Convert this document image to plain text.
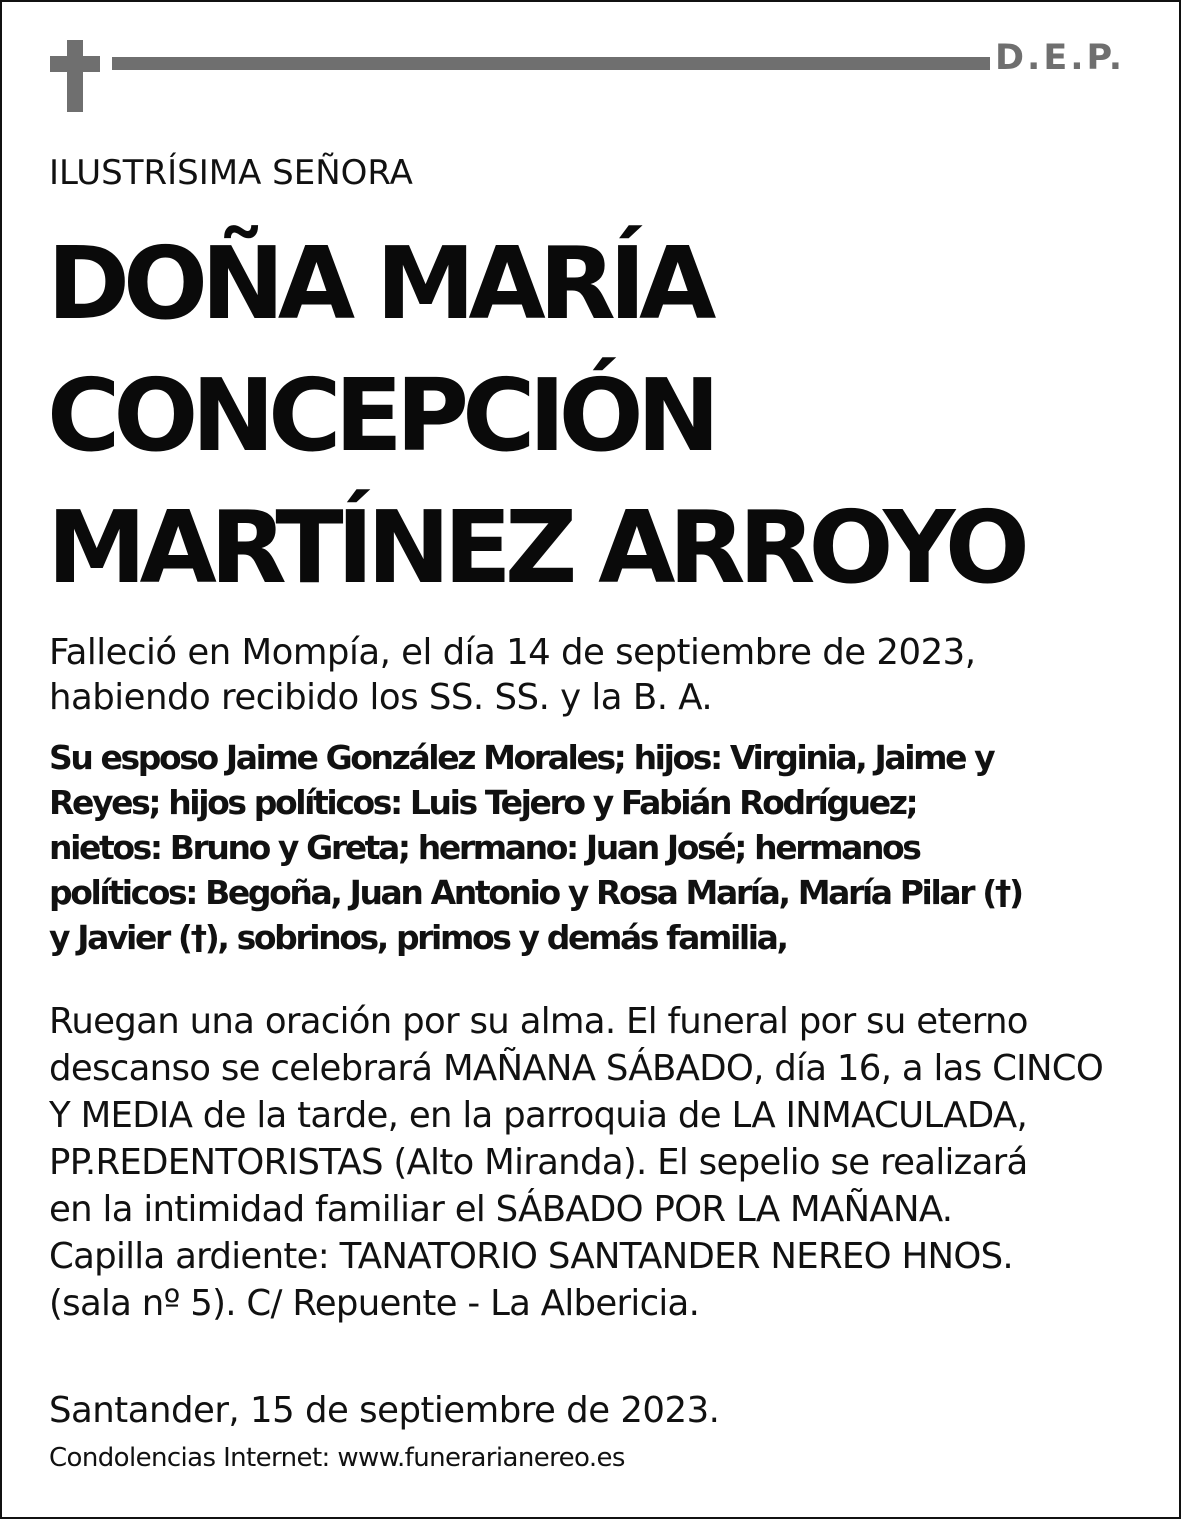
D.E.P.
ILUSTRÍSIMA SEÑORA
DOÑA MARÍA
CONCEPCIÓN
MARTÍNEZ ARROYO

Falleció en Mompía, el día 14 de septiembre de 2023,
habiendo recibido los SS. SS. y la B. A.

Su esposo Jaime González Morales; hijos: Virginia, Jaime y
Reyes; hijos políticos: Luis Tejero y Fabián Rodríguez;
nietos: Bruno y Greta; hermano: Juan José; hermanos
políticos: Begoña, Juan Antonio y Rosa María, María Pilar (†)
y Javier (†), sobrinos, primos y demás familia,

Ruegan una oración por su alma. El funeral por su eterno
descanso se celebrará MAÑANA SÁBADO, día 16, a las CINCO
Y MEDIA de la tarde, en la parroquia de LA INMACULADA,
PP.REDENTORISTAS (Alto Miranda). El sepelio se realizará
en la intimidad familiar el SÁBADO POR LA MAÑANA.
Capilla ardiente: TANATORIO SANTANDER NEREO HNOS.
(sala nº 5). C/ Repuente - La Albericia.

Santander, 15 de septiembre de 2023.
Condolencias Internet: www.funerarianereo.es
